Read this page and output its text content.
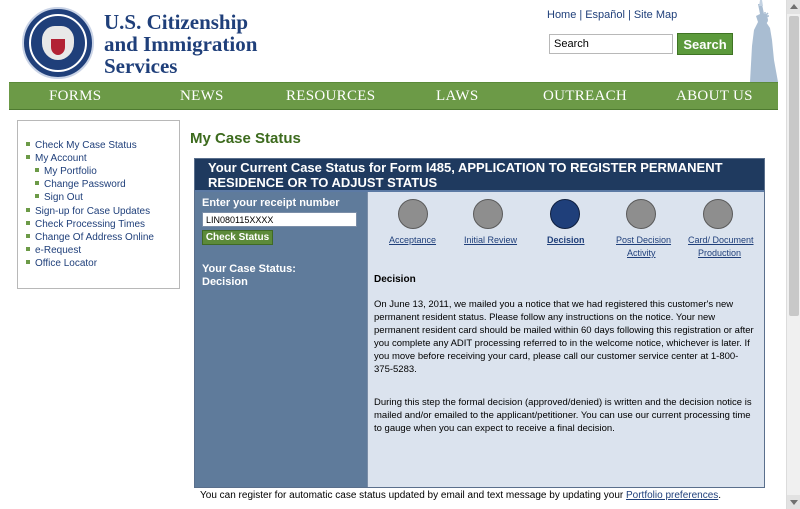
U.S. Citizenship
and Immigration
Services
Home | Español | Site Map
Search
Search
FORMS	NEWS	RESOURCES	LAWS	OUTREACH	ABOUT US
Check My Case Status
My Account
My Portfolio
Change Password
Sign Out
Sign-up for Case Updates
Check Processing Times
Change Of Address Online
e-Request
Office Locator
My Case Status
Your Current Case Status for Form I485, APPLICATION TO REGISTER PERMANENT RESIDENCE OR TO ADJUST STATUS
Enter your receipt number
LIN080115XXXX
Check Status
Your Case Status:
Decision
Acceptance	Initial Review	Decision	Post Decision
Activity
Card/ Document
Production
Decision
On June 13, 2011, we mailed you a notice that we had registered this customer's new permanent resident status. Please follow any instructions on the notice. Your new permanent resident card should be mailed within 60 days following this registration or after you complete any ADIT processing referred to in the welcome notice, whichever is later. If you move before receiving your card, please call our customer service center at 1-800-375-5283.
During this step the formal decision (approved/denied) is written and the decision notice is mailed and/or emailed to the applicant/petitioner. You can use our current processing time to gauge when you can expect to receive a final decision.
You can register for automatic case status updated by email and text message by updating your Portfolio preferences.
